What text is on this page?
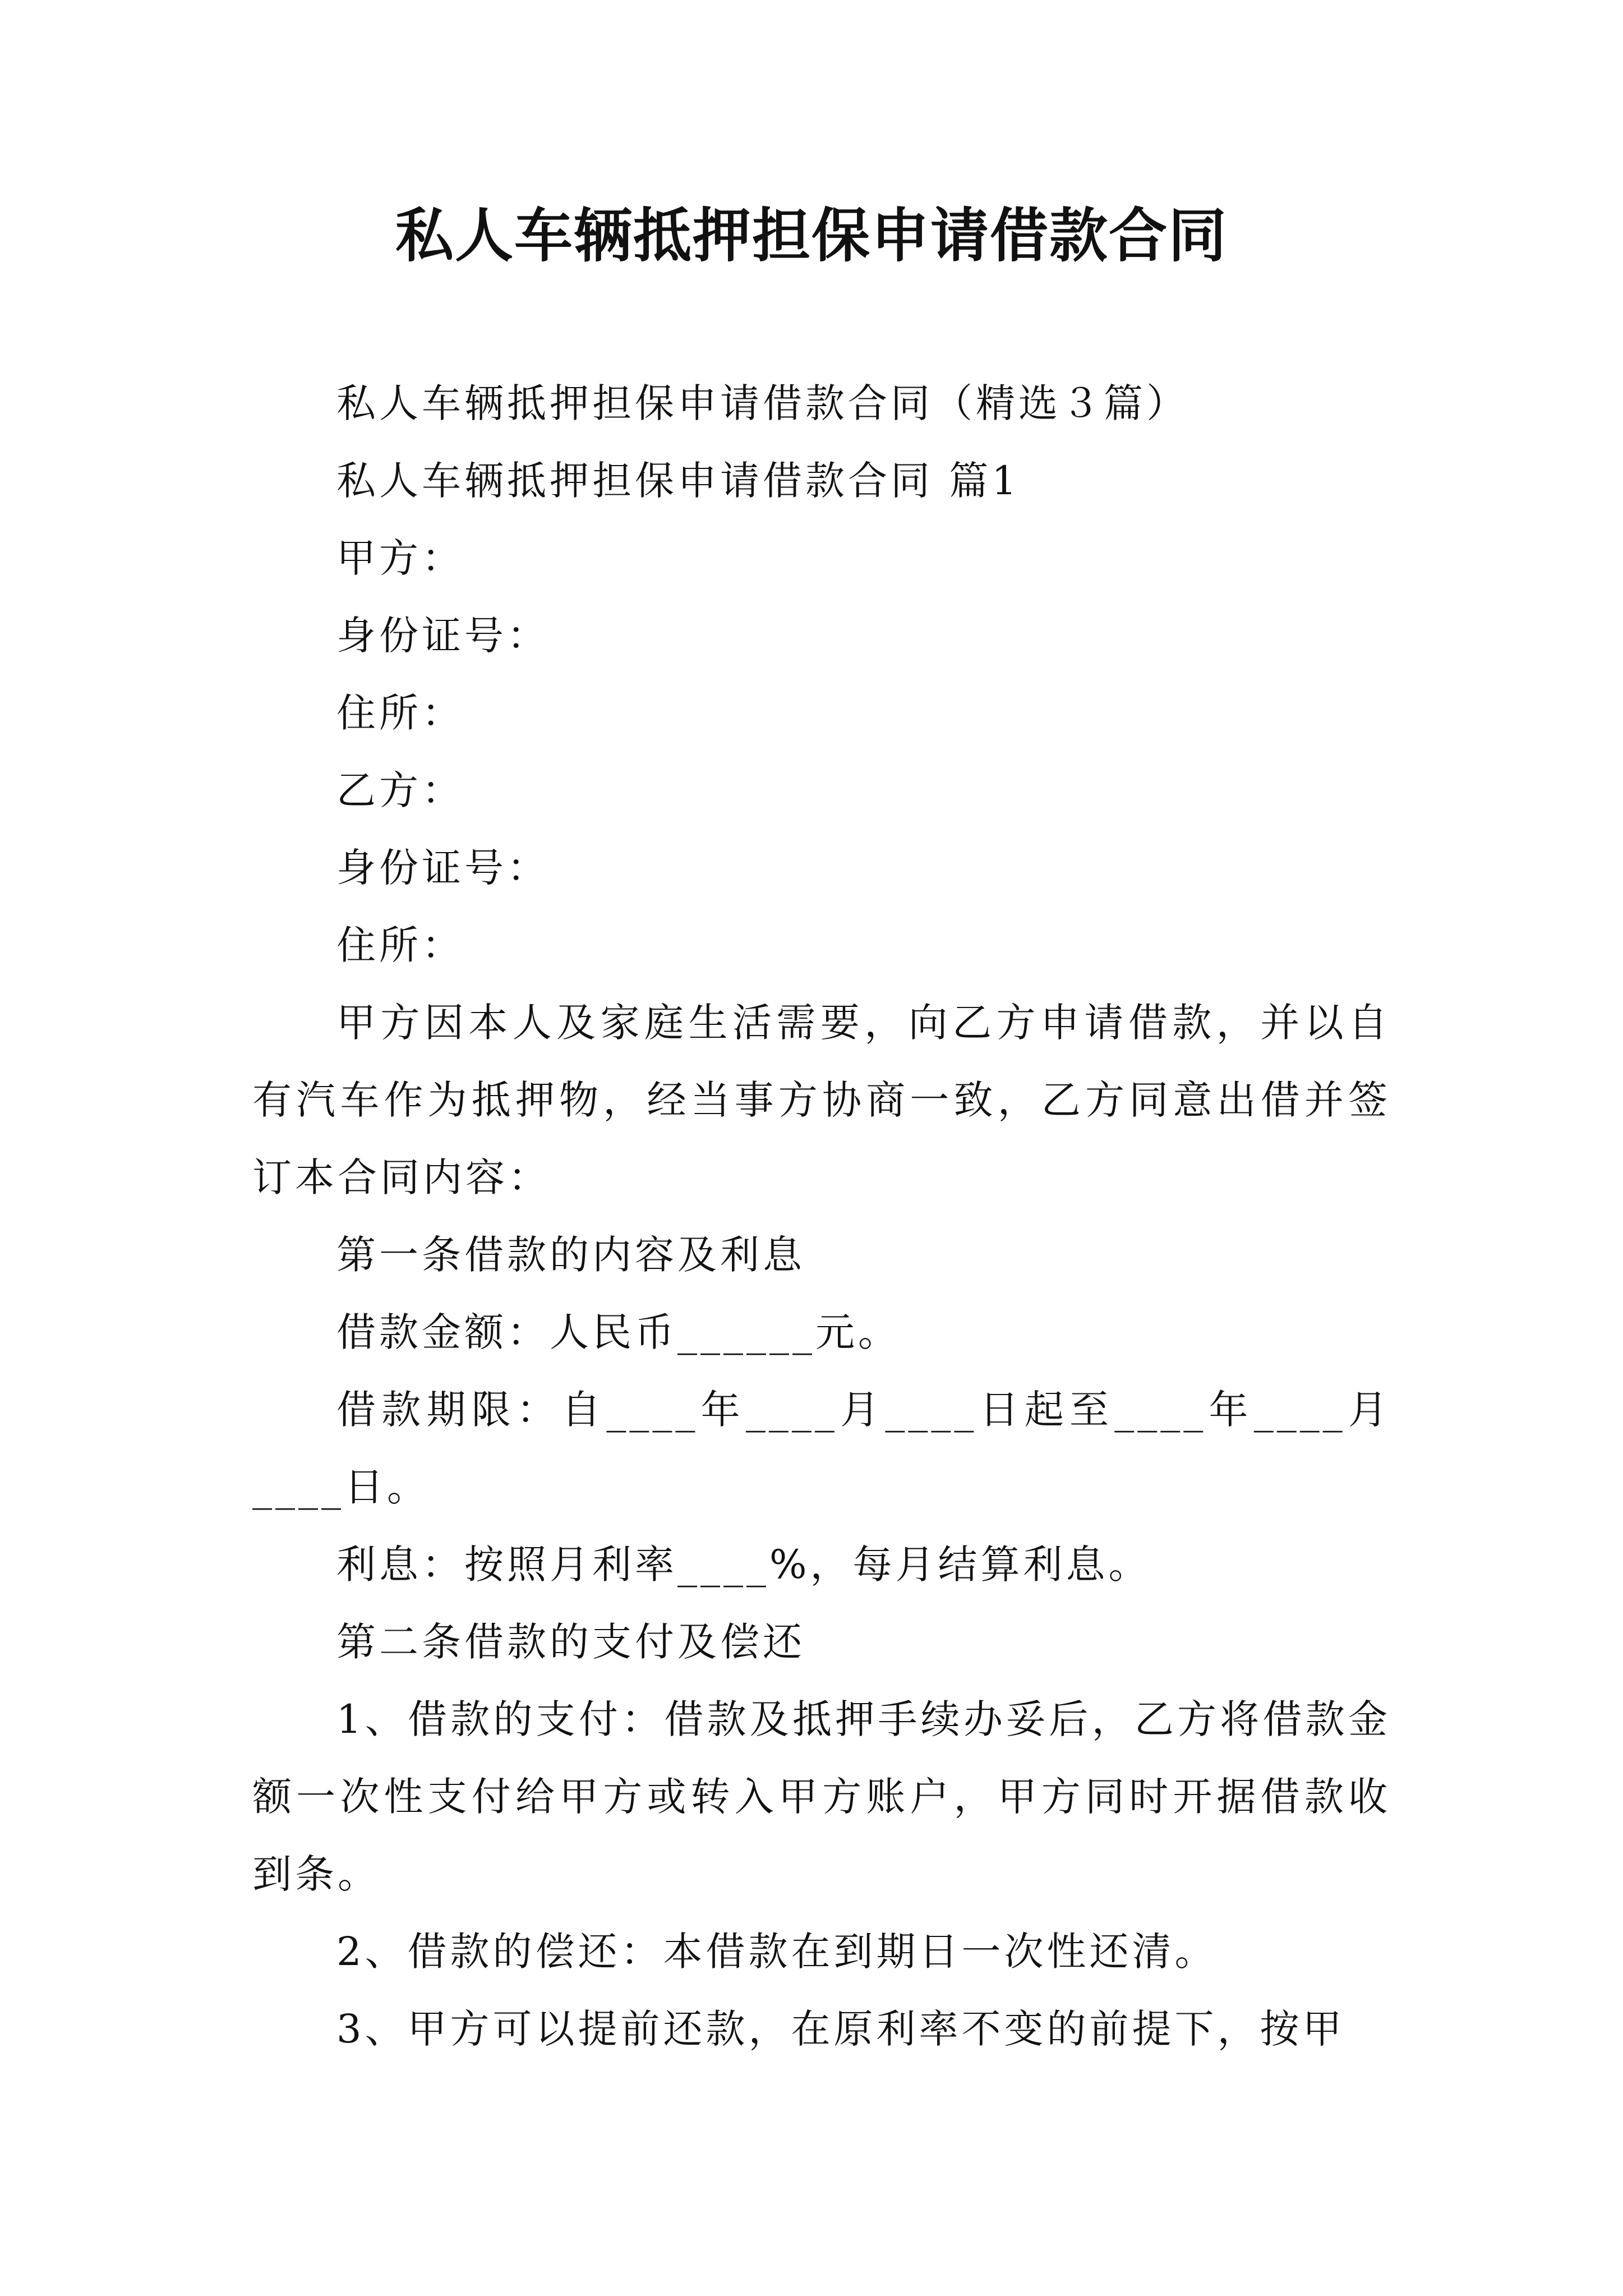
私人车辆抵押担保申请借款合同

私人车辆抵押担保申请借款合同（精选３篇）

私人车辆抵押担保申请借款合同 篇1

甲方：

身份证号：

住所：

乙方：

身份证号：

住所：

甲方因本人及家庭生活需要，向乙方申请借款，并以自有汽车作为抵押物，经当事方协商一致，乙方同意出借并签订本合同内容：

第一条借款的内容及利息

借款金额：人民币______元。

借款期限：自____年____月____日起至____年____月____日。

利息：按照月利率____%，每月结算利息。

第二条借款的支付及偿还

1、借款的支付：借款及抵押手续办妥后，乙方将借款金额一次性支付给甲方或转入甲方账户，甲方同时开据借款收到条。

2、借款的偿还：本借款在到期日一次性还清。

3、甲方可以提前还款，在原利率不变的前提下，按甲
